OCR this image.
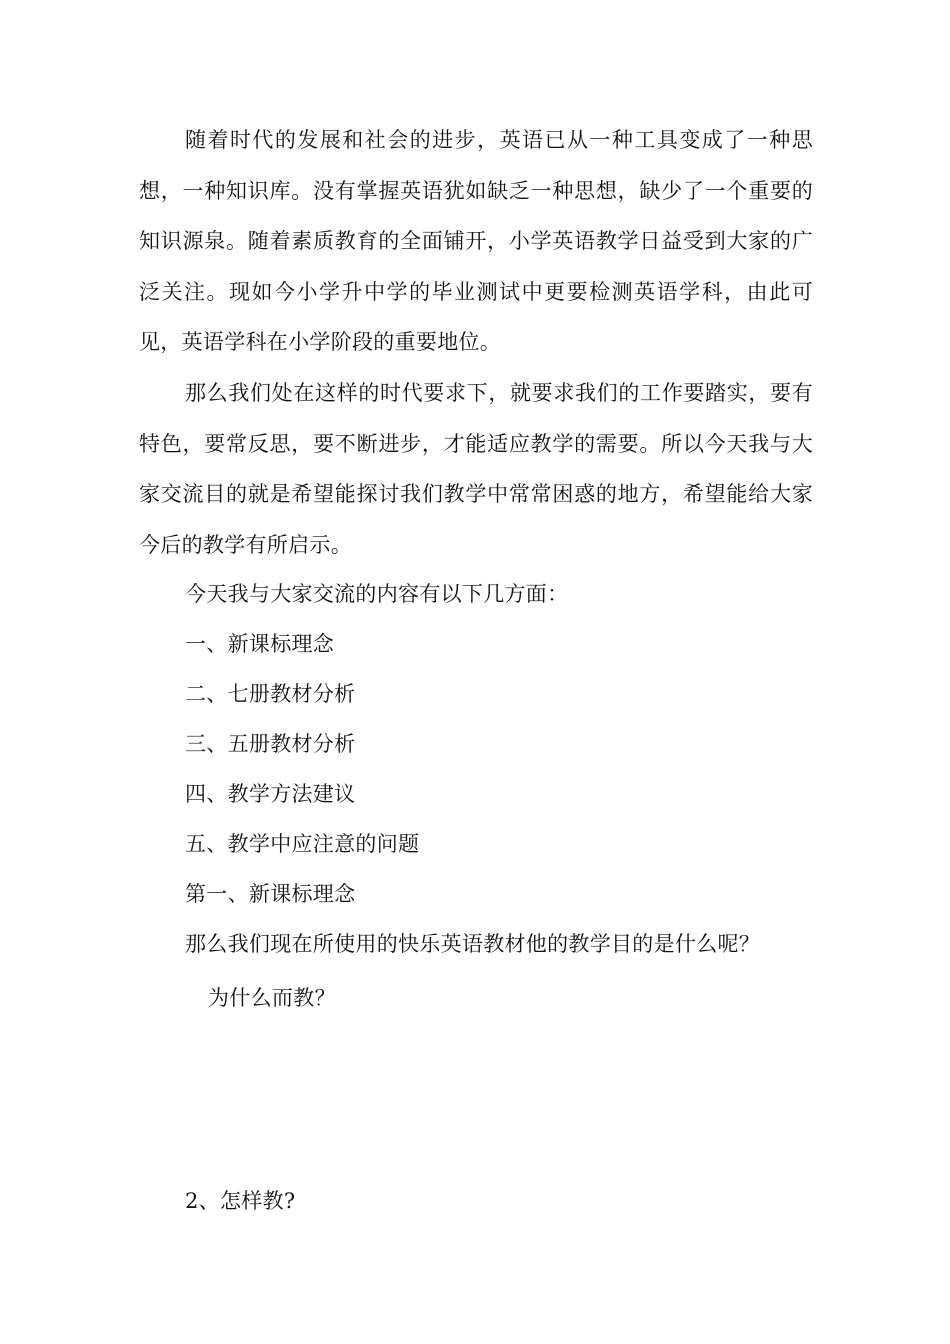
随着时代的发展和社会的进步，英语已从一种工具变成了一种思想，一种知识库。没有掌握英语犹如缺乏一种思想，缺少了一个重要的知识源泉。随着素质教育的全面铺开，小学英语教学日益受到大家的广泛关注。现如今小学升中学的毕业测试中更要检测英语学科，由此可见，英语学科在小学阶段的重要地位。

那么我们处在这样的时代要求下，就要求我们的工作要踏实，要有特色，要常反思，要不断进步，才能适应教学的需要。所以今天我与大家交流目的就是希望能探讨我们教学中常常困惑的地方，希望能给大家今后的教学有所启示。

今天我与大家交流的内容有以下几方面：

一、新课标理念

二、七册教材分析

三、五册教材分析

四、教学方法建议

五、教学中应注意的问题

第一、新课标理念

那么我们现在所使用的快乐英语教材他的教学目的是什么呢？

为什么而教？

2、怎样教?
